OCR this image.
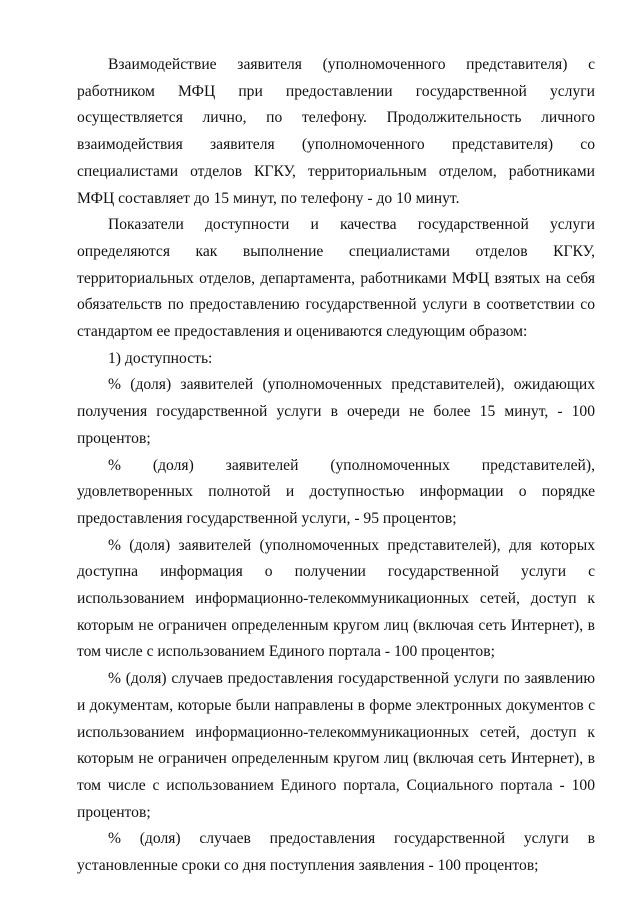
Взаимодействие заявителя (уполномоченного представителя) с работником МФЦ при предоставлении государственной услуги осуществляется лично, по телефону. Продолжительность личного взаимодействия заявителя (уполномоченного представителя) со специалистами отделов КГКУ, территориальным отделом, работниками МФЦ составляет до 15 минут, по телефону - до 10 минут.

Показатели доступности и качества государственной услуги определяются как выполнение специалистами отделов КГКУ, территориальных отделов, департамента, работниками МФЦ взятых на себя обязательств по предоставлению государственной услуги в соответствии со стандартом ее предоставления и оцениваются следующим образом:

1) доступность:

% (доля) заявителей (уполномоченных представителей), ожидающих получения государственной услуги в очереди не более 15 минут, - 100 процентов;

% (доля) заявителей (уполномоченных представителей), удовлетворенных полнотой и доступностью информации о порядке предоставления государственной услуги, - 95 процентов;

% (доля) заявителей (уполномоченных представителей), для которых доступна информация о получении государственной услуги с использованием информационно-телекоммуникационных сетей, доступ к которым не ограничен определенным кругом лиц (включая сеть Интернет), в том числе с использованием Единого портала - 100 процентов;

% (доля) случаев предоставления государственной услуги по заявлению и документам, которые были направлены в форме электронных документов с использованием информационно-телекоммуникационных сетей, доступ к которым не ограничен определенным кругом лиц (включая сеть Интернет), в том числе с использованием Единого портала, Социального портала - 100 процентов;

% (доля) случаев предоставления государственной услуги в установленные сроки со дня поступления заявления - 100 процентов;
